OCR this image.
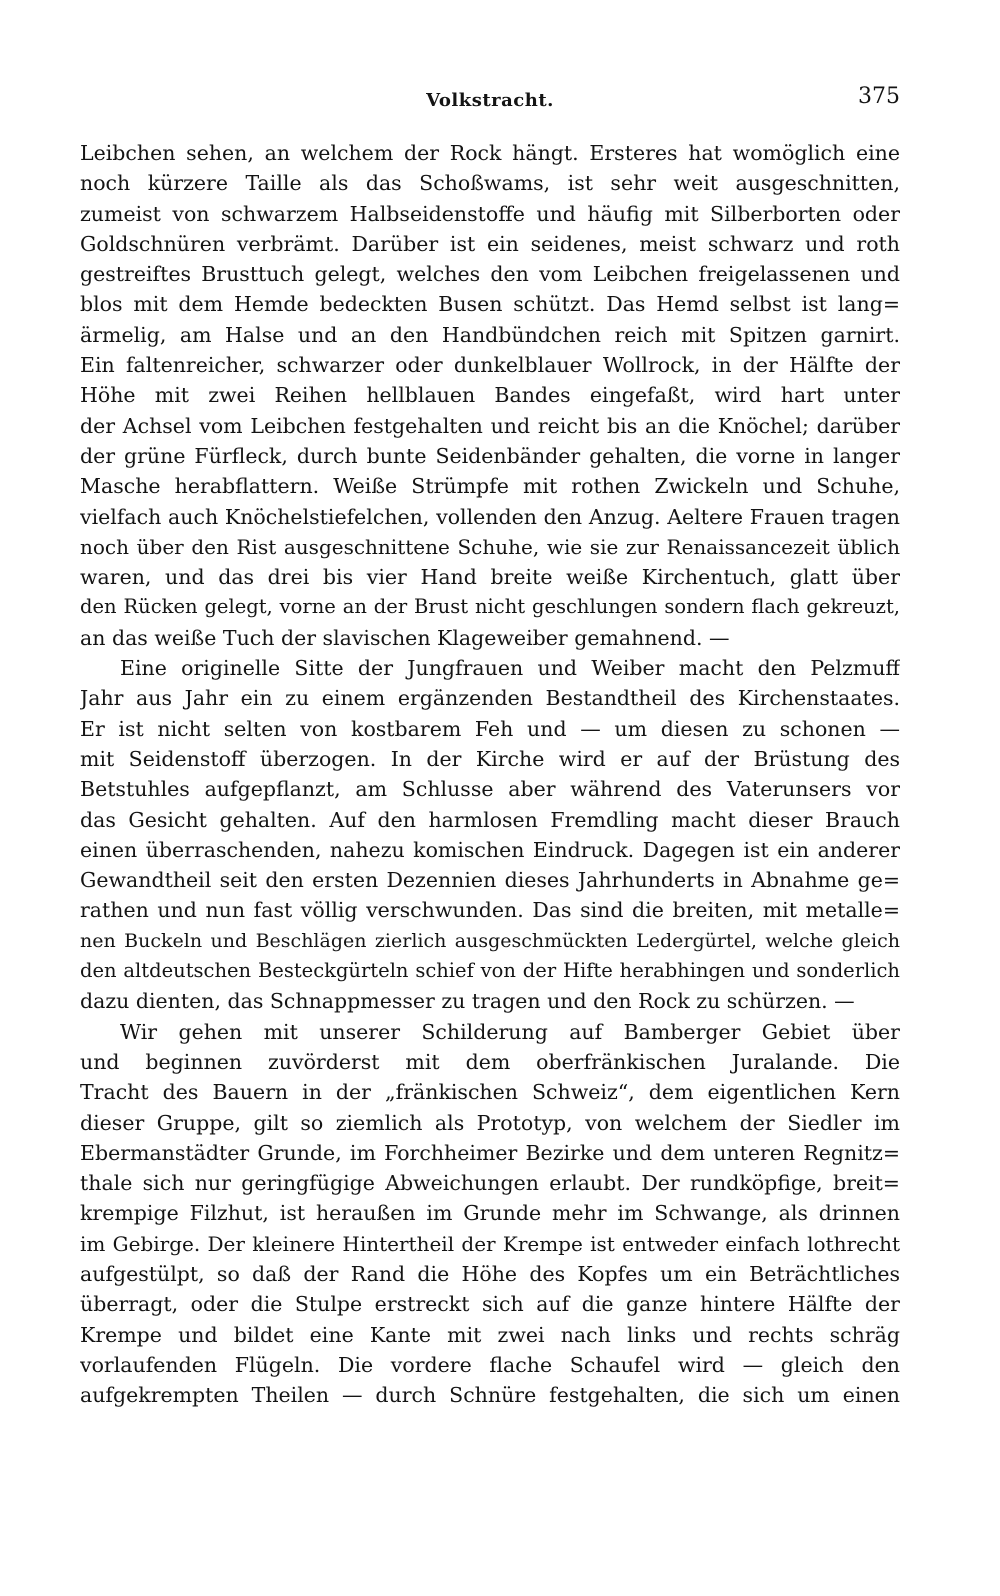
Volkstracht.	375
Leibchen sehen, an welchem der Rock hängt. Ersteres hat womöglich eine
noch kürzere Taille als das Schoßwams, ist sehr weit ausgeschnitten,
zumeist von schwarzem Halbseidenstoffe und häufig mit Silberborten oder
Goldschnüren verbrämt. Darüber ist ein seidenes, meist schwarz und roth
gestreiftes Brusttuch gelegt, welches den vom Leibchen freigelassenen und
blos mit dem Hemde bedeckten Busen schützt. Das Hemd selbst ist lang=
ärmelig, am Halse und an den Handbündchen reich mit Spitzen garnirt.
Ein faltenreicher, schwarzer oder dunkelblauer Wollrock, in der Hälfte der
Höhe mit zwei Reihen hellblauen Bandes eingefaßt, wird hart unter
der Achsel vom Leibchen festgehalten und reicht bis an die Knöchel; darüber
der grüne Fürfleck, durch bunte Seidenbänder gehalten, die vorne in langer
Masche herabflattern. Weiße Strümpfe mit rothen Zwickeln und Schuhe,
vielfach auch Knöchelstiefelchen, vollenden den Anzug. Aeltere Frauen tragen
noch über den Rist ausgeschnittene Schuhe, wie sie zur Renaissancezeit üblich
waren, und das drei bis vier Hand breite weiße Kirchentuch, glatt über
den Rücken gelegt, vorne an der Brust nicht geschlungen sondern flach gekreuzt,
an das weiße Tuch der slavischen Klageweiber gemahnend. —
Eine originelle Sitte der Jungfrauen und Weiber macht den Pelzmuff
Jahr aus Jahr ein zu einem ergänzenden Bestandtheil des Kirchenstaates.
Er ist nicht selten von kostbarem Feh und — um diesen zu schonen —
mit Seidenstoff überzogen. In der Kirche wird er auf der Brüstung des
Betstuhles aufgepflanzt, am Schlusse aber während des Vaterunsers vor
das Gesicht gehalten. Auf den harmlosen Fremdling macht dieser Brauch
einen überraschenden, nahezu komischen Eindruck. Dagegen ist ein anderer
Gewandtheil seit den ersten Dezennien dieses Jahrhunderts in Abnahme ge=
rathen und nun fast völlig verschwunden. Das sind die breiten, mit metalle=
nen Buckeln und Beschlägen zierlich ausgeschmückten Ledergürtel, welche gleich
den altdeutschen Besteckgürteln schief von der Hifte herabhingen und sonderlich
dazu dienten, das Schnappmesser zu tragen und den Rock zu schürzen. —
Wir gehen mit unserer Schilderung auf Bamberger Gebiet über
und beginnen zuvörderst mit dem oberfränkischen Juralande. Die
Tracht des Bauern in der „fränkischen Schweiz“, dem eigentlichen Kern
dieser Gruppe, gilt so ziemlich als Prototyp, von welchem der Siedler im
Ebermanstädter Grunde, im Forchheimer Bezirke und dem unteren Regnitz=
thale sich nur geringfügige Abweichungen erlaubt. Der rundköpfige, breit=
krempige Filzhut, ist heraußen im Grunde mehr im Schwange, als drinnen
im Gebirge. Der kleinere Hintertheil der Krempe ist entweder einfach lothrecht
aufgestülpt, so daß der Rand die Höhe des Kopfes um ein Beträchtliches
überragt, oder die Stulpe erstreckt sich auf die ganze hintere Hälfte der
Krempe und bildet eine Kante mit zwei nach links und rechts schräg
vorlaufenden Flügeln. Die vordere flache Schaufel wird — gleich den
aufgekrempten Theilen — durch Schnüre festgehalten, die sich um einen
